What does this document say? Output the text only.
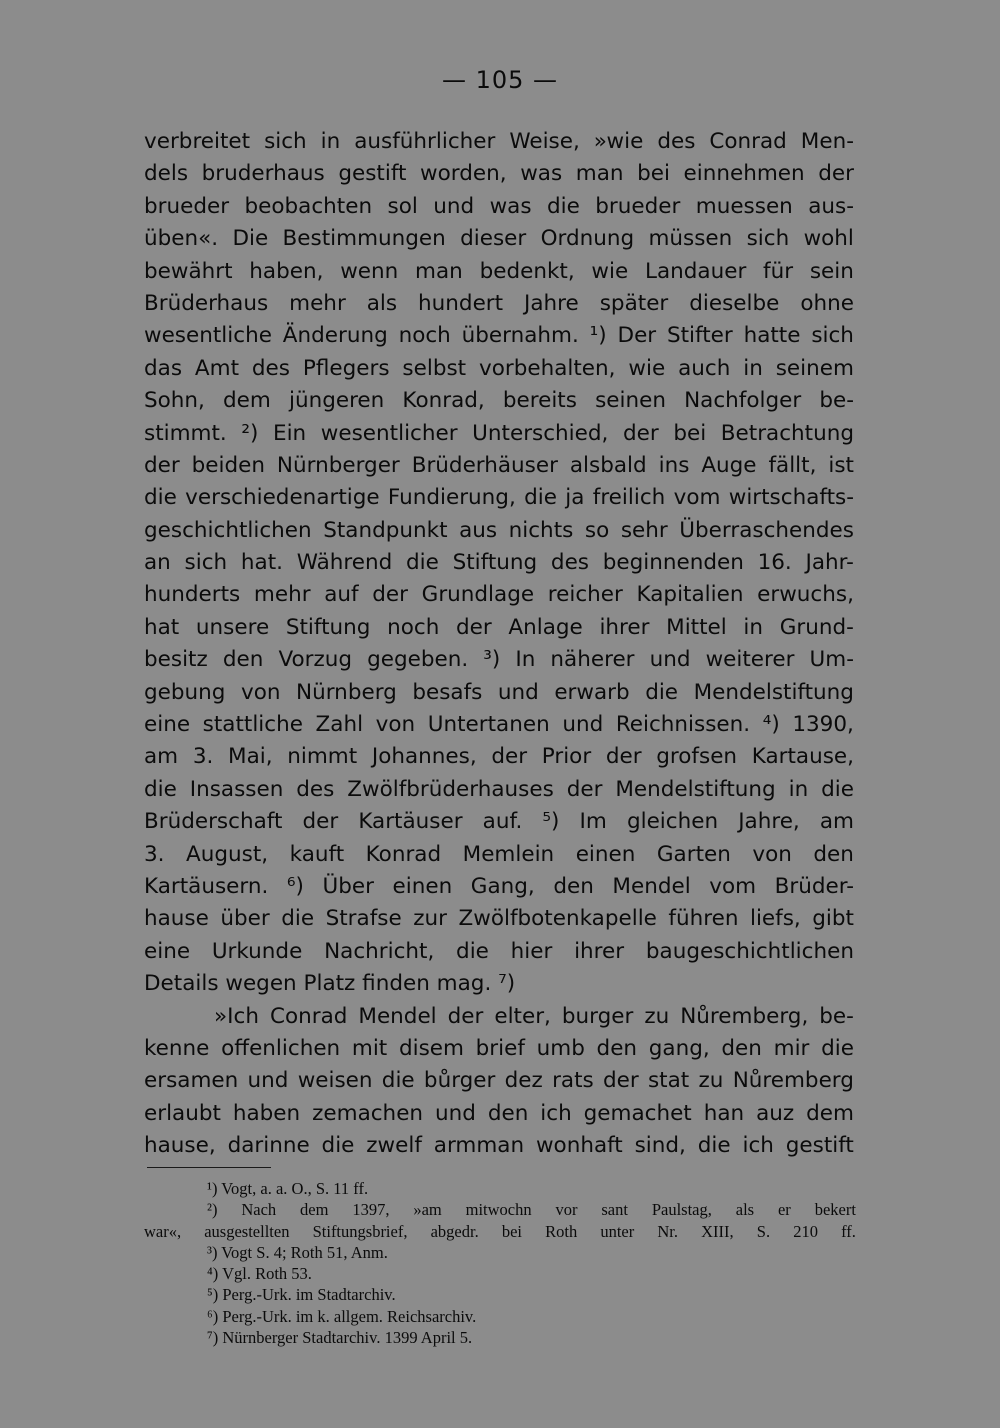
— 105 —
verbreitet sich in ausführlicher Weise, »wie des Conrad Men-
dels bruderhaus gestift worden, was man bei einnehmen der
brueder beobachten sol und was die brueder muessen aus-
üben«. Die Bestimmungen dieser Ordnung müssen sich wohl
bewährt haben, wenn man bedenkt, wie Landauer für sein
Brüderhaus mehr als hundert Jahre später dieselbe ohne
wesentliche Änderung noch übernahm. ¹) Der Stifter hatte sich
das Amt des Pflegers selbst vorbehalten, wie auch in seinem
Sohn, dem jüngeren Konrad, bereits seinen Nachfolger be-
stimmt. ²) Ein wesentlicher Unterschied, der bei Betrachtung
der beiden Nürnberger Brüderhäuser alsbald ins Auge fällt, ist
die verschiedenartige Fundierung, die ja freilich vom wirtschafts-
geschichtlichen Standpunkt aus nichts so sehr Überraschendes
an sich hat. Während die Stiftung des beginnenden 16. Jahr-
hunderts mehr auf der Grundlage reicher Kapitalien erwuchs,
hat unsere Stiftung noch der Anlage ihrer Mittel in Grund-
besitz den Vorzug gegeben. ³) In näherer und weiterer Um-
gebung von Nürnberg besafs und erwarb die Mendelstiftung
eine stattliche Zahl von Untertanen und Reichnissen. ⁴) 1390,
am 3. Mai, nimmt Johannes, der Prior der grofsen Kartause,
die Insassen des Zwölfbrüderhauses der Mendelstiftung in die
Brüderschaft der Kartäuser auf. ⁵) Im gleichen Jahre, am
3. August, kauft Konrad Memlein einen Garten von den
Kartäusern. ⁶) Über einen Gang, den Mendel vom Brüder-
hause über die Strafse zur Zwölfbotenkapelle führen liefs, gibt
eine Urkunde Nachricht, die hier ihrer baugeschichtlichen
Details wegen Platz finden mag. ⁷)
»Ich Conrad Mendel der elter, burger zu Nůremberg, be-
kenne offenlichen mit disem brief umb den gang, den mir die
ersamen und weisen die bůrger dez rats der stat zu Nůremberg
erlaubt haben zemachen und den ich gemachet han auz dem
hause, darinne die zwelf armman wonhaft sind, die ich gestift
¹) Vogt, a. a. O., S. 11 ff.
²) Nach dem 1397, »am mitwochn vor sant Paulstag, als er bekert
war«, ausgestellten Stiftungsbrief, abgedr. bei Roth unter Nr. XIII, S. 210 ff.
³) Vogt S. 4; Roth 51, Anm.
⁴) Vgl. Roth 53.
⁵) Perg.-Urk. im Stadtarchiv.
⁶) Perg.-Urk. im k. allgem. Reichsarchiv.
⁷) Nürnberger Stadtarchiv. 1399 April 5.
